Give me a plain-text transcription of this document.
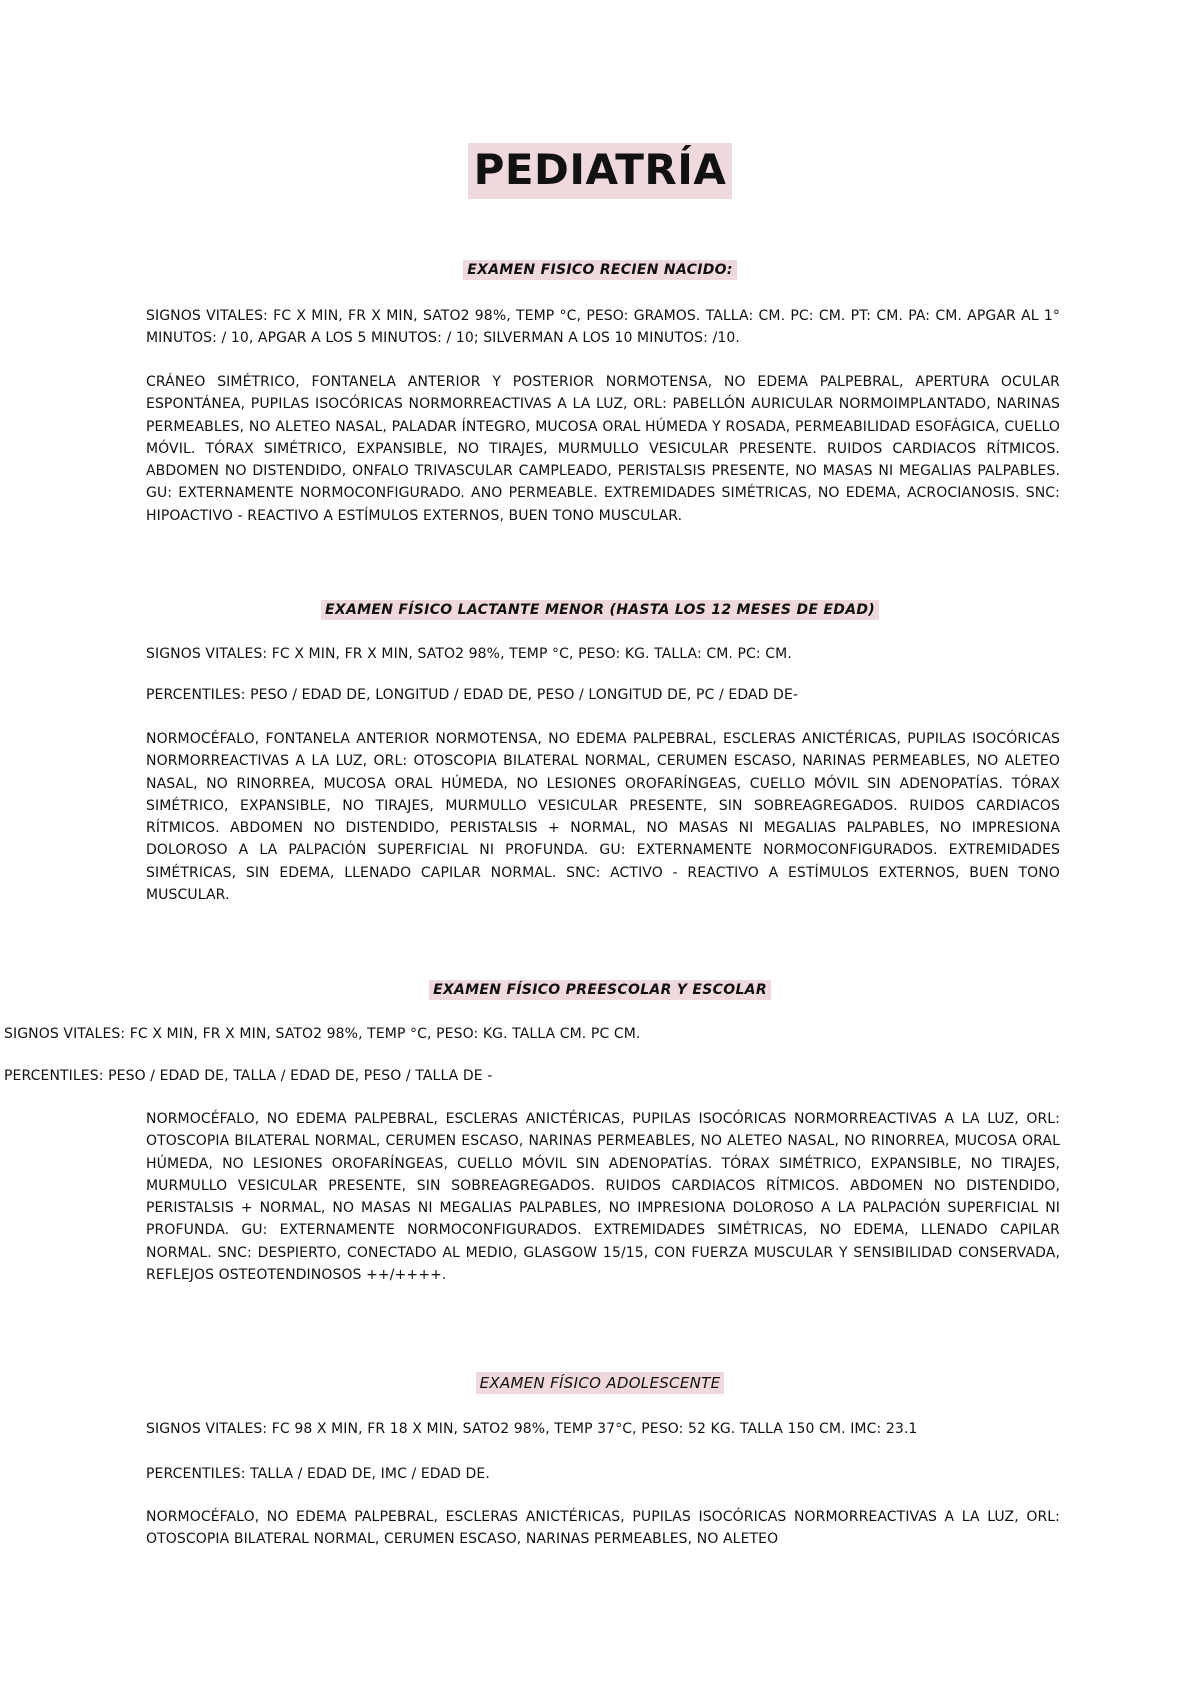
PEDIATRÍA
EXAMEN FISICO RECIEN NACIDO:
SIGNOS VITALES: FC X MIN, FR X MIN, SATO2 98%, TEMP °C, PESO: GRAMOS. TALLA: CM. PC: CM. PT: CM. PA: CM. APGAR AL 1° MINUTOS: / 10, APGAR A LOS 5 MINUTOS: / 10; SILVERMAN A LOS 10 MINUTOS: /10.
CRÁNEO SIMÉTRICO, FONTANELA ANTERIOR Y POSTERIOR NORMOTENSA, NO EDEMA PALPEBRAL, APERTURA OCULAR ESPONTÁNEA, PUPILAS ISOCÓRICAS NORMORREACTIVAS A LA LUZ, ORL: PABELLÓN AURICULAR NORMOIMPLANTADO, NARINAS PERMEABLES, NO ALETEO NASAL, PALADAR ÍNTEGRO, MUCOSA ORAL HÚMEDA Y ROSADA, PERMEABILIDAD ESOFÁGICA, CUELLO MÓVIL. TÓRAX SIMÉTRICO, EXPANSIBLE, NO TIRAJES, MURMULLO VESICULAR PRESENTE. RUIDOS CARDIACOS RÍTMICOS. ABDOMEN NO DISTENDIDO, ONFALO TRIVASCULAR CAMPLEADO, PERISTALSIS PRESENTE, NO MASAS NI MEGALIAS PALPABLES. GU: EXTERNAMENTE NORMOCONFIGURADO. ANO PERMEABLE. EXTREMIDADES SIMÉTRICAS, NO EDEMA, ACROCIANOSIS. SNC: HIPOACTIVO - REACTIVO A ESTÍMULOS EXTERNOS, BUEN TONO MUSCULAR.
EXAMEN FÍSICO LACTANTE MENOR (HASTA LOS 12 MESES DE EDAD)
SIGNOS VITALES: FC X MIN, FR X MIN, SATO2 98%, TEMP °C, PESO: KG. TALLA: CM. PC: CM.
PERCENTILES: PESO / EDAD DE, LONGITUD / EDAD DE, PESO / LONGITUD DE, PC / EDAD DE-
NORMOCÉFALO, FONTANELA ANTERIOR NORMOTENSA, NO EDEMA PALPEBRAL, ESCLERAS ANICTÉRICAS, PUPILAS ISOCÓRICAS NORMORREACTIVAS A LA LUZ, ORL: OTOSCOPIA BILATERAL NORMAL, CERUMEN ESCASO, NARINAS PERMEABLES, NO ALETEO NASAL, NO RINORREA, MUCOSA ORAL HÚMEDA, NO LESIONES OROFARÍNGEAS, CUELLO MÓVIL SIN ADENOPATÍAS. TÓRAX SIMÉTRICO, EXPANSIBLE, NO TIRAJES, MURMULLO VESICULAR PRESENTE, SIN SOBREAGREGADOS. RUIDOS CARDIACOS RÍTMICOS. ABDOMEN NO DISTENDIDO, PERISTALSIS + NORMAL, NO MASAS NI MEGALIAS PALPABLES, NO IMPRESIONA DOLOROSO A LA PALPACIÓN SUPERFICIAL NI PROFUNDA. GU: EXTERNAMENTE NORMOCONFIGURADOS. EXTREMIDADES SIMÉTRICAS, SIN EDEMA, LLENADO CAPILAR NORMAL. SNC: ACTIVO - REACTIVO A ESTÍMULOS EXTERNOS, BUEN TONO MUSCULAR.
EXAMEN FÍSICO PREESCOLAR Y ESCOLAR
SIGNOS VITALES: FC X MIN, FR X MIN, SATO2 98%, TEMP °C, PESO: KG. TALLA CM. PC CM.
PERCENTILES: PESO / EDAD DE, TALLA / EDAD DE, PESO / TALLA DE -
NORMOCÉFALO, NO EDEMA PALPEBRAL, ESCLERAS ANICTÉRICAS, PUPILAS ISOCÓRICAS NORMORREACTIVAS A LA LUZ, ORL: OTOSCOPIA BILATERAL NORMAL, CERUMEN ESCASO, NARINAS PERMEABLES, NO ALETEO NASAL, NO RINORREA, MUCOSA ORAL HÚMEDA, NO LESIONES OROFARÍNGEAS, CUELLO MÓVIL SIN ADENOPATÍAS. TÓRAX SIMÉTRICO, EXPANSIBLE, NO TIRAJES, MURMULLO VESICULAR PRESENTE, SIN SOBREAGREGADOS. RUIDOS CARDIACOS RÍTMICOS. ABDOMEN NO DISTENDIDO, PERISTALSIS + NORMAL, NO MASAS NI MEGALIAS PALPABLES, NO IMPRESIONA DOLOROSO A LA PALPACIÓN SUPERFICIAL NI PROFUNDA. GU: EXTERNAMENTE NORMOCONFIGURADOS. EXTREMIDADES SIMÉTRICAS, NO EDEMA, LLENADO CAPILAR NORMAL. SNC: DESPIERTO, CONECTADO AL MEDIO, GLASGOW 15/15, CON FUERZA MUSCULAR Y SENSIBILIDAD CONSERVADA, REFLEJOS OSTEOTENDINOSOS ++/++++.
EXAMEN FÍSICO ADOLESCENTE
SIGNOS VITALES: FC 98 X MIN, FR 18 X MIN, SATO2 98%, TEMP 37°C, PESO: 52 KG. TALLA 150 CM. IMC: 23.1
PERCENTILES: TALLA / EDAD DE, IMC / EDAD DE.
NORMOCÉFALO, NO EDEMA PALPEBRAL, ESCLERAS ANICTÉRICAS, PUPILAS ISOCÓRICAS NORMORREACTIVAS A LA LUZ, ORL: OTOSCOPIA BILATERAL NORMAL, CERUMEN ESCASO, NARINAS PERMEABLES, NO ALETEO
